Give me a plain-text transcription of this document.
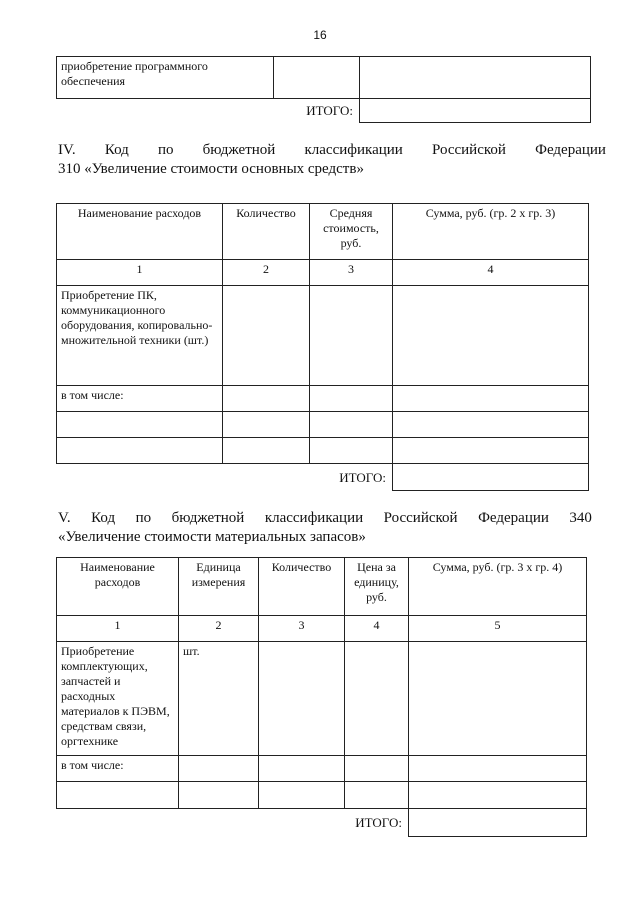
16
приобретение программного обеспечения		
	ИТОГО:	
IV. Код по бюджетной классификации Российской Федерации
310 «Увеличение стоимости основных средств»
Наименование расходов	Количество	Средняя стоимость, руб.	Сумма, руб. (гр. 2 х гр. 3)
1	2	3	4
Приобретение ПК, коммуникационного оборудования, копировально-множительной техники (шт.)			
в том числе:			

		ИТОГО:	
V. Код по бюджетной классификации Российской Федерации 340
«Увеличение стоимости материальных запасов»
Наименование расходов	Единица измерения	Количество	Цена за единицу, руб.	Сумма, руб. (гр. 3 х гр. 4)
1	2	3	4	5
Приобретение комплектующих, запчастей и расходных материалов к ПЭВМ, средствам связи, оргтехнике	шт.			
в том числе:				

			ИТОГО:	
